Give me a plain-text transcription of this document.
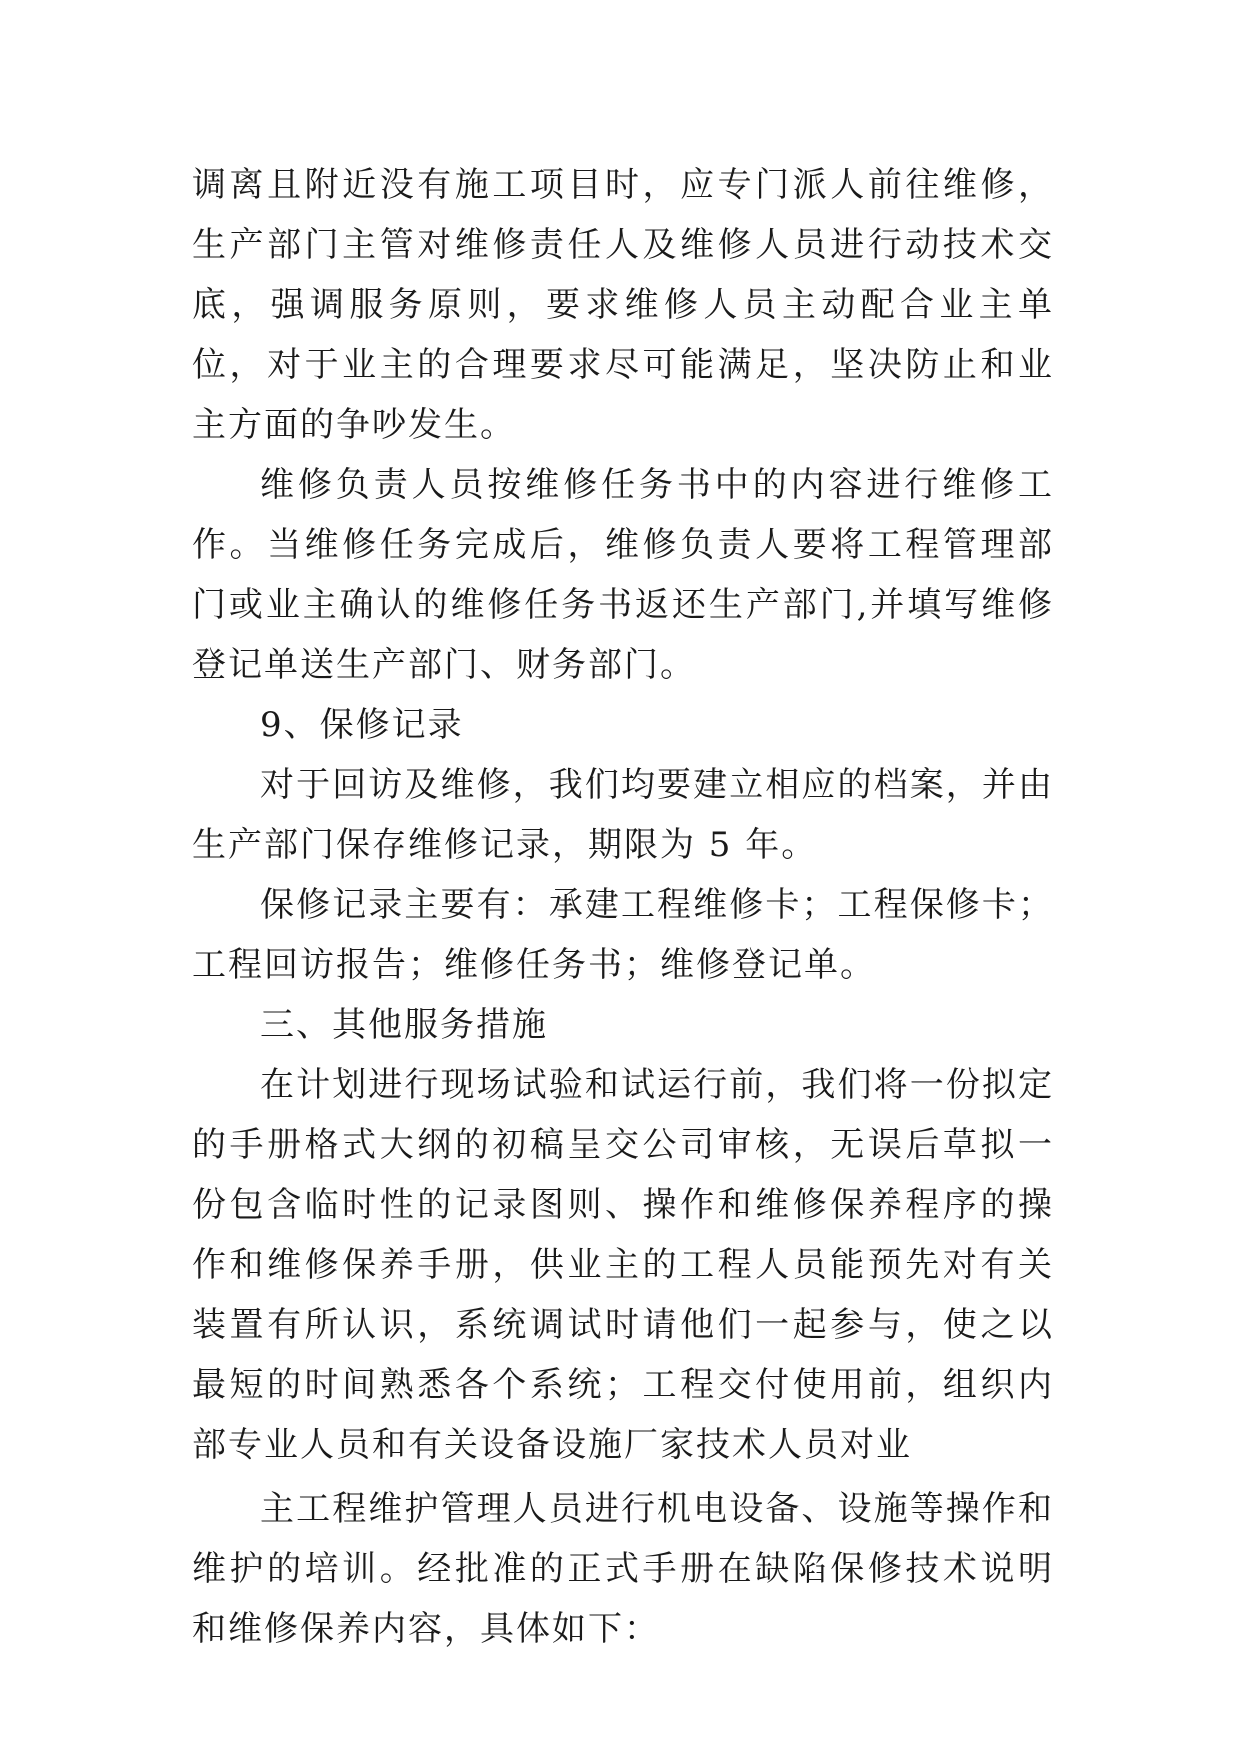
调离且附近没有施工项目时，应专门派人前往维修，生产部门主管对维修责任人及维修人员进行动技术交底，强调服务原则，要求维修人员主动配合业主单位，对于业主的合理要求尽可能满足，坚决防止和业主方面的争吵发生。

维修负责人员按维修任务书中的内容进行维修工作。当维修任务完成后，维修负责人要将工程管理部门或业主确认的维修任务书返还生产部门,并填写维修登记单送生产部门、财务部门。

9、保修记录

对于回访及维修，我们均要建立相应的档案，并由生产部门保存维修记录，期限为 5 年。

保修记录主要有：承建工程维修卡；工程保修卡；工程回访报告；维修任务书；维修登记单。

三、其他服务措施

在计划进行现场试验和试运行前，我们将一份拟定的手册格式大纲的初稿呈交公司审核，无误后草拟一份包含临时性的记录图则、操作和维修保养程序的操作和维修保养手册，供业主的工程人员能预先对有关装置有所认识，系统调试时请他们一起参与，使之以最短的时间熟悉各个系统；工程交付使用前，组织内部专业人员和有关设备设施厂家技术人员对业

主工程维护管理人员进行机电设备、设施等操作和维护的培训。经批准的正式手册在缺陷保修技术说明和维修保养内容，具体如下：
